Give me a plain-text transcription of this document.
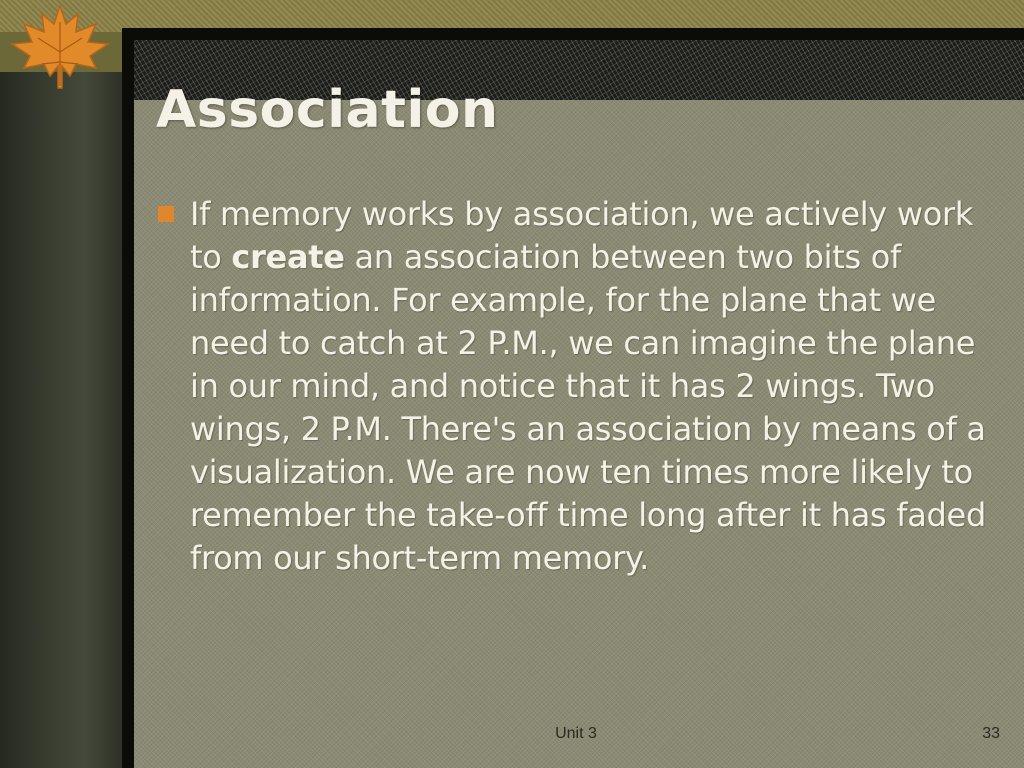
Association

If memory works by association, we actively work to create an association between two bits of information. For example, for the plane that we need to catch at 2 P.M., we can imagine the plane in our mind, and notice that it has 2 wings. Two wings, 2 P.M. There's an association by means of a visualization. We are now ten times more likely to remember the take-off time long after it has faded from our short-term memory.

Unit 3	33
